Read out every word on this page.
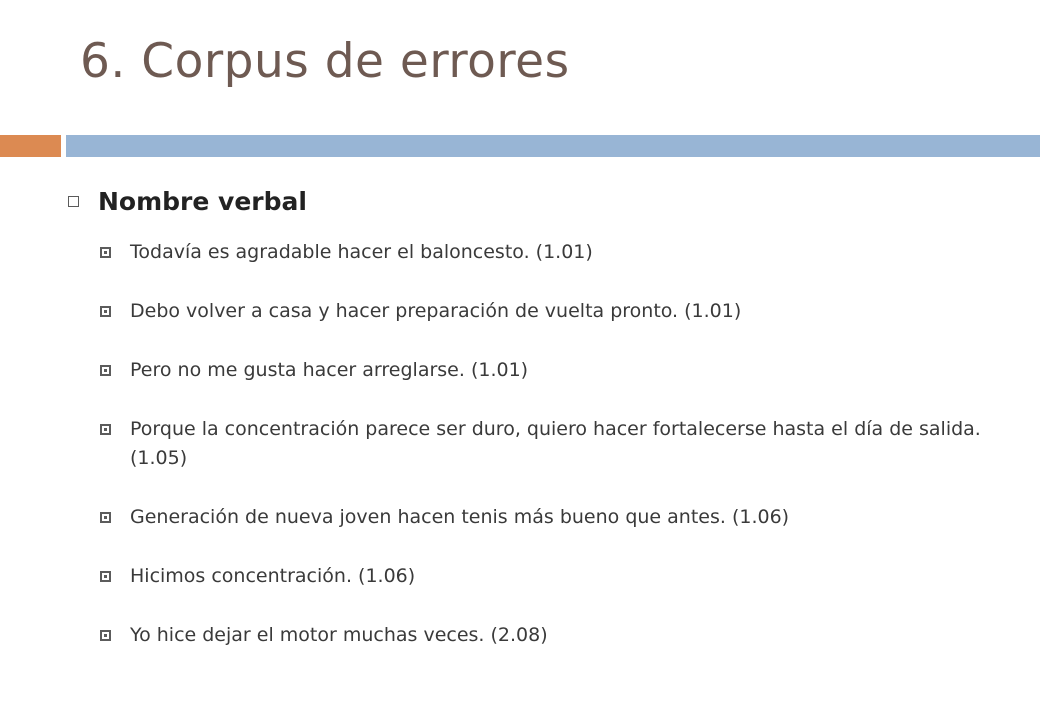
6. Corpus de errores
Nombre verbal
Todavía es agradable hacer el baloncesto. (1.01)
Debo volver a casa y hacer preparación de vuelta pronto. (1.01)
Pero no me gusta hacer arreglarse. (1.01)
Porque la concentración parece ser duro, quiero hacer fortalecerse hasta el día de salida. (1.05)
Generación de nueva joven hacen tenis más bueno que antes. (1.06)
Hicimos concentración. (1.06)
Yo hice dejar el motor muchas veces. (2.08)
